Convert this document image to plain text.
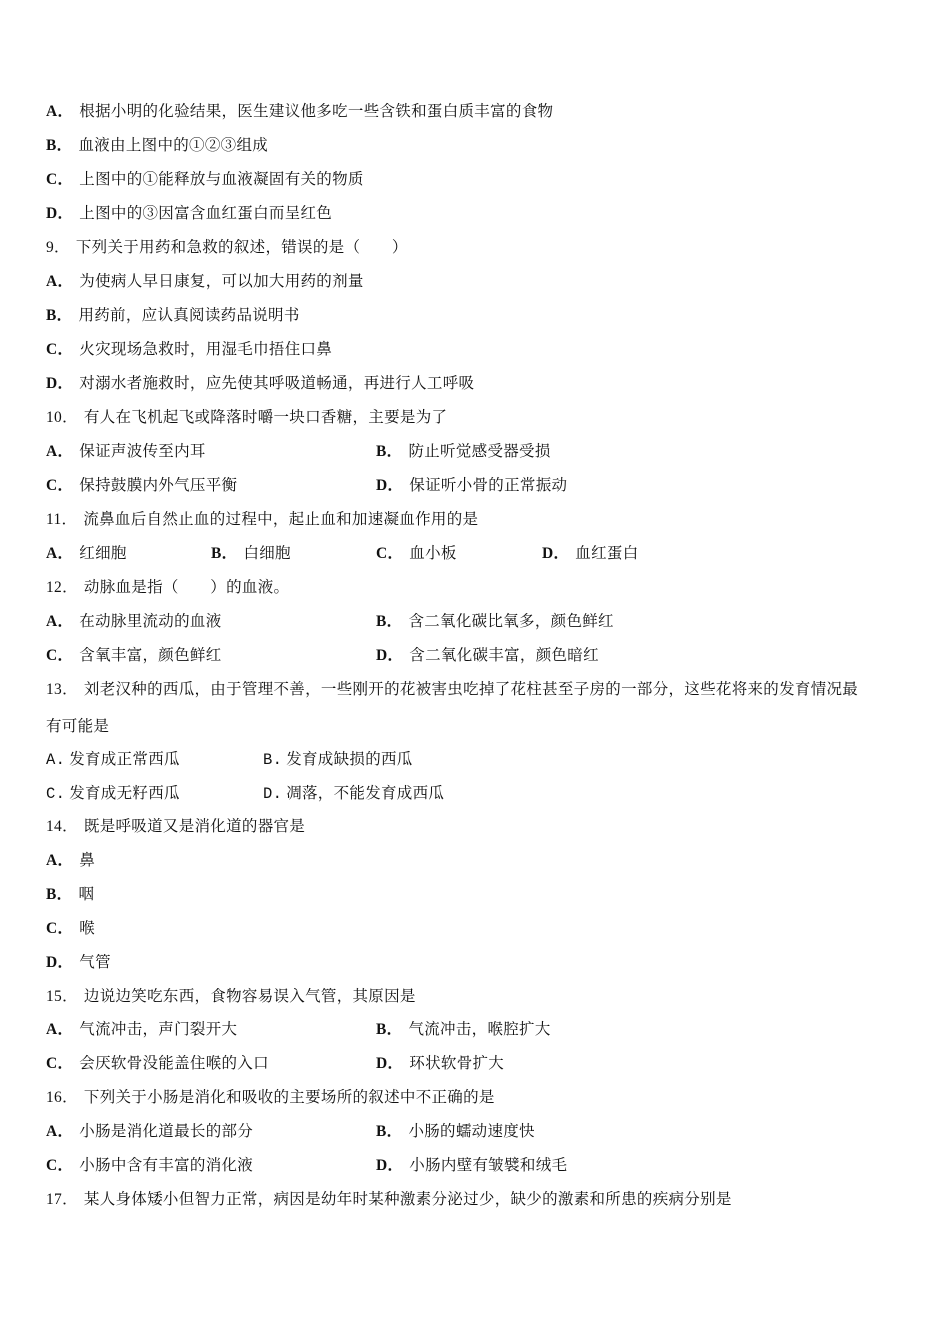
A． 根据小明的化验结果，医生建议他多吃一些含铁和蛋白质丰富的食物
B． 血液由上图中的①②③组成
C． 上图中的①能释放与血液凝固有关的物质
D． 上图中的③因富含血红蛋白而呈红色
9． 下列关于用药和急救的叙述，错误的是（　　）
A． 为使病人早日康复，可以加大用药的剂量
B． 用药前，应认真阅读药品说明书
C． 火灾现场急救时，用湿毛巾捂住口鼻
D． 对溺水者施救时，应先使其呼吸道畅通，再进行人工呼吸
10． 有人在飞机起飞或降落时嚼一块口香糖，主要是为了
A． 保证声波传至内耳	B． 防止听觉感受器受损
C． 保持鼓膜内外气压平衡	D． 保证听小骨的正常振动
11． 流鼻血后自然止血的过程中，起止血和加速凝血作用的是
A． 红细胞	B． 白细胞	C． 血小板	D． 血红蛋白
12． 动脉血是指（　　）的血液。
A． 在动脉里流动的血液	B． 含二氧化碳比氧多，颜色鲜红
C． 含氧丰富，颜色鲜红	D． 含二氧化碳丰富，颜色暗红
13． 刘老汉种的西瓜，由于管理不善，一些刚开的花被害虫吃掉了花柱甚至子房的一部分，这些花将来的发育情况最
有可能是
A. 发育成正常西瓜	B. 发育成缺损的西瓜
C. 发育成无籽西瓜	D. 凋落，不能发育成西瓜
14． 既是呼吸道又是消化道的器官是
A． 鼻
B． 咽
C． 喉
D． 气管
15． 边说边笑吃东西，食物容易误入气管，其原因是
A． 气流冲击，声门裂开大	B． 气流冲击，喉腔扩大
C． 会厌软骨没能盖住喉的入口	D． 环状软骨扩大
16． 下列关于小肠是消化和吸收的主要场所的叙述中不正确的是
A． 小肠是消化道最长的部分	B． 小肠的蠕动速度快
C． 小肠中含有丰富的消化液	D． 小肠内壁有皱襞和绒毛
17． 某人身体矮小但智力正常，病因是幼年时某种激素分泌过少，缺少的激素和所患的疾病分别是
